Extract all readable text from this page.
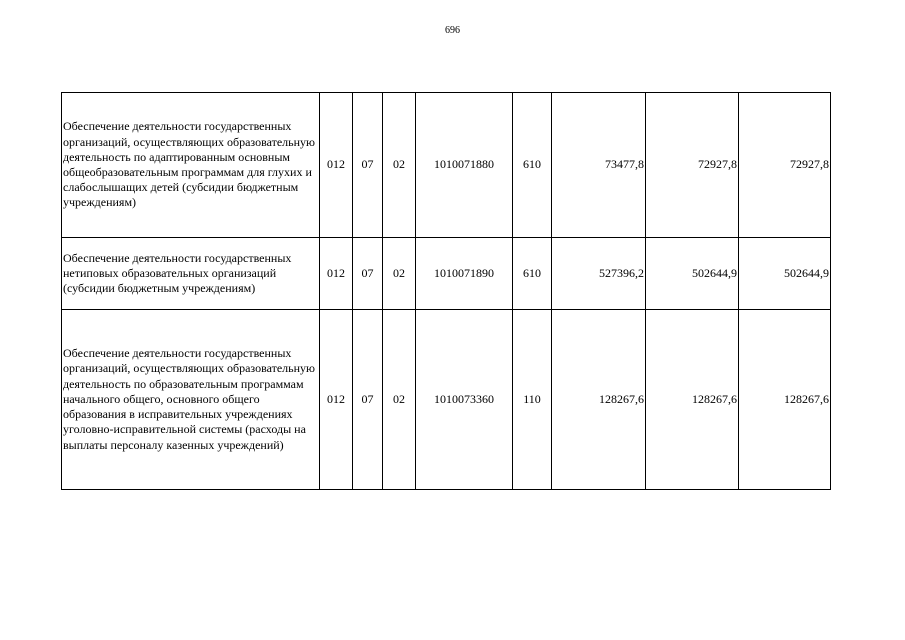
696
Обеспечение деятельности государственных организаций, осуществляющих образовательную деятельность по адаптированным основным общеобразовательным программам для глухих и слабослышащих детей (субсидии бюджетным учреждениям)	012	07	02	1010071880	610	73477,8	72927,8	72927,8
Обеспечение деятельности государственных нетиповых образовательных организаций (субсидии бюджетным учреждениям)	012	07	02	1010071890	610	527396,2	502644,9	502644,9
Обеспечение деятельности государственных организаций, осуществляющих образовательную деятельность по образовательным программам начального общего, основного общего образования в исправительных учреждениях уголовно-исправительной системы (расходы на выплаты персоналу казенных учреждений)	012	07	02	1010073360	110	128267,6	128267,6	128267,6
